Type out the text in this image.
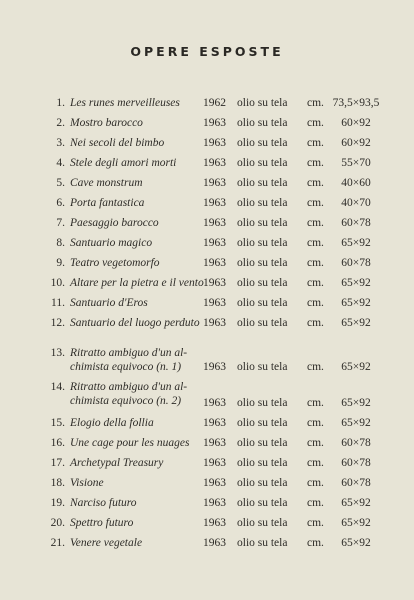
OPERE ESPOSTE
1. Les runes merveilleuses	1962 olio su tela	cm. 73,5×93,5
2. Mostro barocco	1963 olio su tela	cm.	60×92
3. Nei secoli del bimbo	1963 olio su tela	cm.	60×92
4. Stele degli amori morti	1963 olio su tela	cm.	55×70
5. Cave monstrum	1963 olio su tela	cm.	40×60
6. Porta fantastica	1963 olio su tela	cm.	40×70
7. Paesaggio barocco	1963 olio su tela	cm.	60×78
8. Santuario magico	1963 olio su tela	cm.	65×92
9. Teatro vegetomorfo	1963 olio su tela	cm.	60×78
10. Altare per la pietra e il vento 1963 olio su tela	cm.	65×92
11. Santuario d'Eros	1963 olio su tela	cm.	65×92
12. Santuario del luogo perduto 1963 olio su tela	cm.	65×92
13. Ritratto ambiguo d'un al-chimista equivoco (n. 1)	1963 olio su tela	cm.	65×92
14. Ritratto ambiguo d'un al-chimista equivoco (n. 2)	1963 olio su tela	cm.	65×92
15. Elogio della follia	1963 olio su tela	cm.	65×92
16. Une cage pour les nuages	1963 olio su tela	cm.	60×78
17. Archetypal Treasury	1963 olio su tela	cm.	60×78
18. Visione	1963 olio su tela	cm.	60×78
19. Narciso futuro	1963 olio su tela	cm.	65×92
20. Spettro futuro	1963 olio su tela	cm.	65×92
21. Venere vegetale	1963 olio su tela	cm.	65×92
